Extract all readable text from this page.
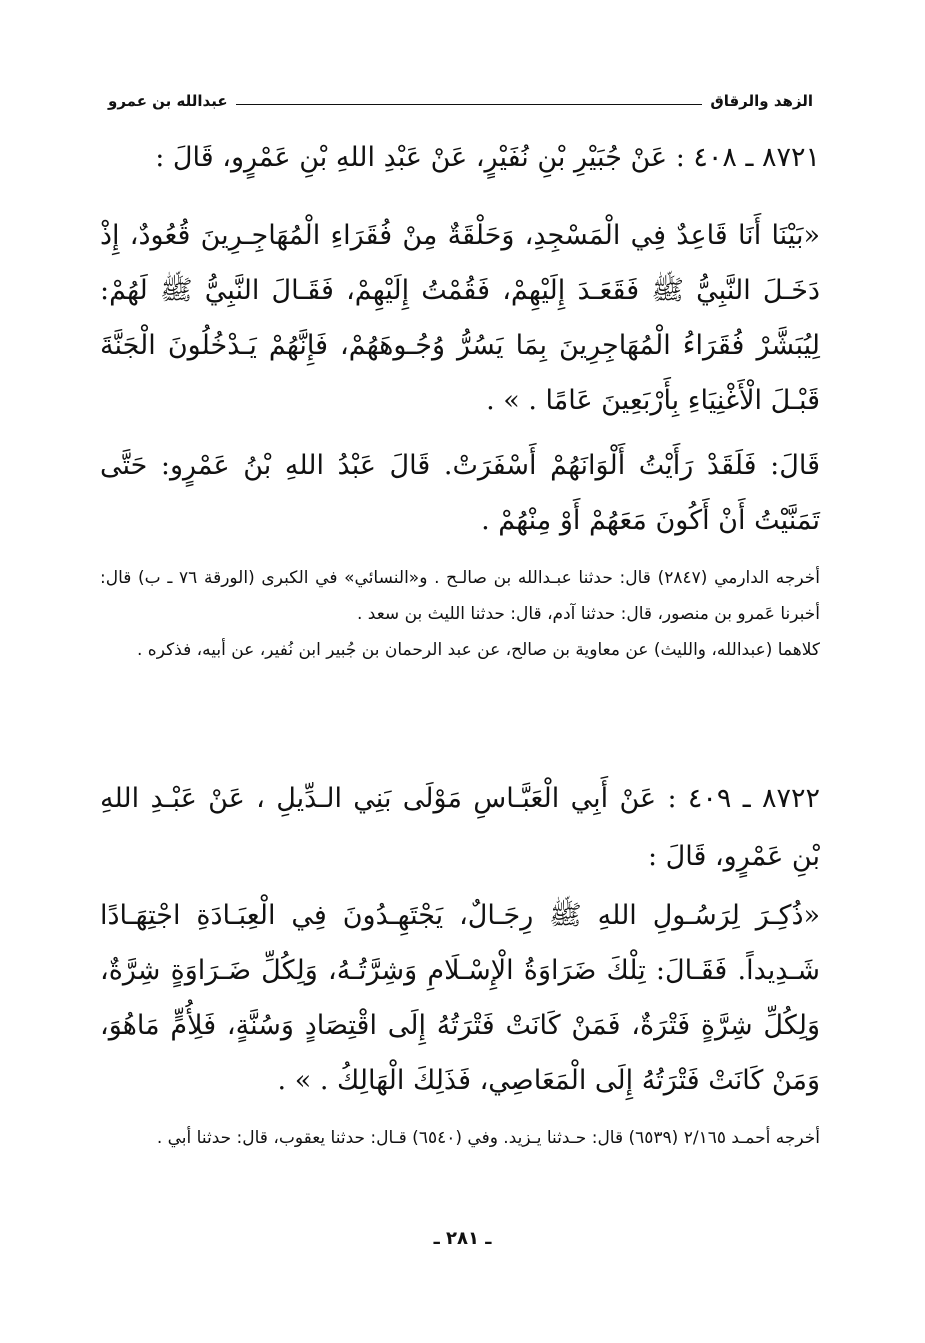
الزهد والرقاق
عبدالله بن عمرو
٨٧٢١ ـ ٤٠٨ : عَنْ جُبَيْرِ بْنِ نُفَيْرٍ، عَنْ عَبْدِ اللهِ بْنِ عَمْرٍو، قَالَ :
«بَيْنَا أَنَا قَاعِدٌ فِي الْمَسْجِدِ، وَحَلْقَةٌ مِنْ فُقَرَاءِ الْمُهَاجِـرِينَ قُعُودٌ، إِذْ دَخَـلَ النَّبِيُّ ﷺ فَقَعَـدَ إِلَيْهِمْ، فَقُمْتُ إِلَيْهِمْ، فَقَـالَ النَّبِيُّ ﷺ لَهُمْ: لِيُبَشَّرْ فُقَرَاءُ الْمُهَاجِرِينَ بِمَا يَسُرُّ وُجُـوهَهُمْ، فَإِنَّهُمْ يَـدْخُلُونَ الْجَنَّةَ قَبْـلَ الْأَغْنِيَاءِ بِأَرْبَعِينَ عَامًا . » .
قَالَ: فَلَقَدْ رَأَيْتُ أَلْوَانَهُمْ أَسْفَرَتْ. قَالَ عَبْدُ اللهِ بْنُ عَمْرٍو: حَتَّى تَمَنَّيْتُ أَنْ أَكُونَ مَعَهُمْ أَوْ مِنْهُمْ .

أخرجه الدارمي (٢٨٤٧) قال: حدثنا عبـدالله بن صالـح . و«النسائي» في الكبرى (الورقة ٧٦ ـ ب) قال: أخبرنا عَمرو بن منصور، قال: حدثنا آدم، قال: حدثنا الليث بن سعد .

كلاهما (عبدالله، والليث) عن معاوية بن صالح، عن عبد الرحمان بن جُبير ابن نُفير، عن أبيه، فذكره .

٨٧٢٢ ـ ٤٠٩ : عَنْ أَبِي الْعَبَّـاسِ مَوْلَى بَنِي الـدِّيلِ ، عَنْ عَبْـدِ اللهِ بْنِ عَمْرٍو، قَالَ :
«ذُكِـرَ لِرَسُـولِ اللهِ ﷺ رِجَـالٌ، يَجْتَهِـدُونَ فِي الْعِبَـادَةِ اجْتِهَـادًا شَـدِيداً. فَقَـالَ: تِلْكَ ضَرَاوَةُ الْإِسْـلَامِ وَشِرَّتُـهُ، وَلِكُلِّ ضَـرَاوَةٍ شِرَّةٌ، وَلِكُلِّ شِرَّةٍ فَتْرَةٌ، فَمَنْ كَانَتْ فَتْرَتُهُ إِلَى اقْتِصَادٍ وَسُنَّةٍ، فَلِأُمٍّ مَاهُوَ، وَمَنْ كَانَتْ فَتْرَتُهُ إِلَى الْمَعَاصِي، فَذَلِكَ الْهَالِكُ . » .

أخرجه أحمـد ٢/١٦٥ (٦٥٣٩) قال: حـدثنا يـزيد. وفي (٦٥٤٠) قـال: حدثنا يعقوب، قال: حدثنا أبي .

ـ ٢٨١ ـ
